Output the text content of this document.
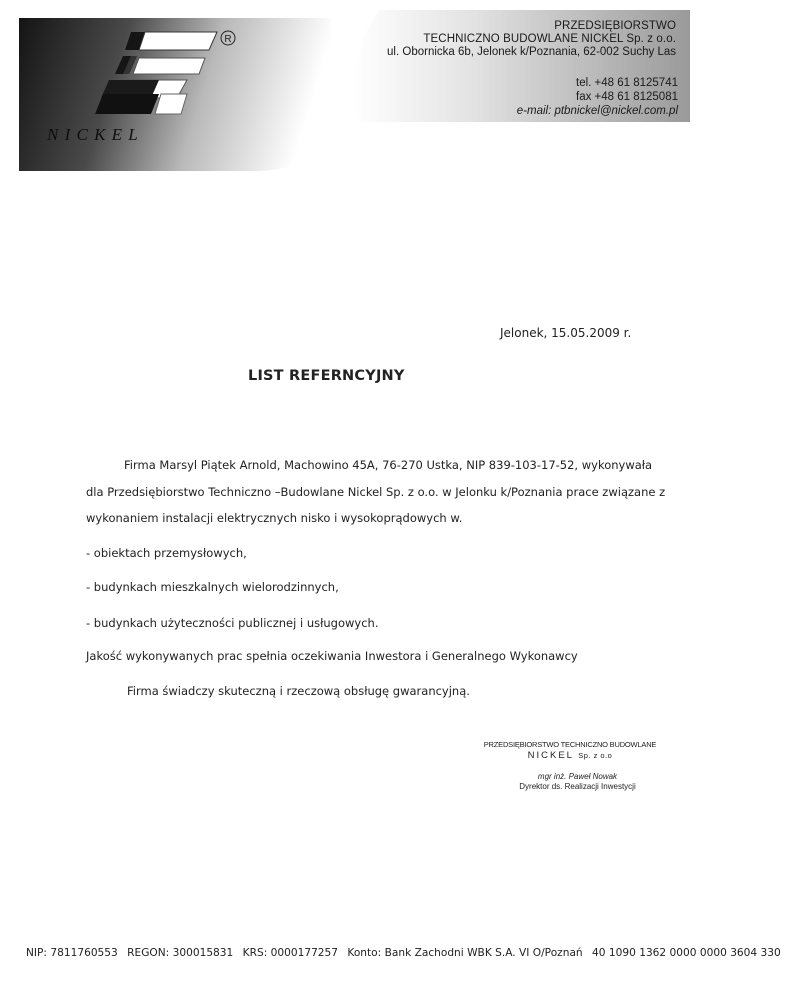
R
N I C K E L
PRZEDSIĘBIORSTWO
TECHNICZNO BUDOWLANE NICKEL Sp. z o.o.
ul. Obornicka 6b, Jelonek k/Poznania, 62-002 Suchy Las
tel. +48 61 8125741
fax +48 61 8125081
e-mail: ptbnickel@nickel.com.pl
Jelonek, 15.05.2009 r.
LIST REFERNCYJNY
Firma Marsyl Piątek Arnold, Machowino 45A, 76-270 Ustka, NIP 839-103-17-52, wykonywała
dla Przedsiębiorstwo Techniczno –Budowlane Nickel Sp. z o.o. w Jelonku k/Poznania prace związane z
wykonaniem instalacji elektrycznych nisko i wysokoprądowych w.
- obiektach przemysłowych,
- budynkach mieszkalnych wielorodzinnych,
- budynkach użyteczności publicznej i usługowych.
Jakość wykonywanych prac spełnia oczekiwania Inwestora i Generalnego Wykonawcy
Firma świadczy skuteczną i rzeczową obsługę gwarancyjną.
PRZEDSIĘBIORSTWO TECHNICZNO BUDOWLANE
NICKEL Sp. z o.o
mgr inż. Paweł Nowak
Dyrektor ds. Realizacji Inwestycji
NIP: 7811760553 REGON: 300015831 KRS: 0000177257 Konto: Bank Zachodni WBK S.A. VI O/Poznań 40 1090 1362 0000 0000 3604 330
